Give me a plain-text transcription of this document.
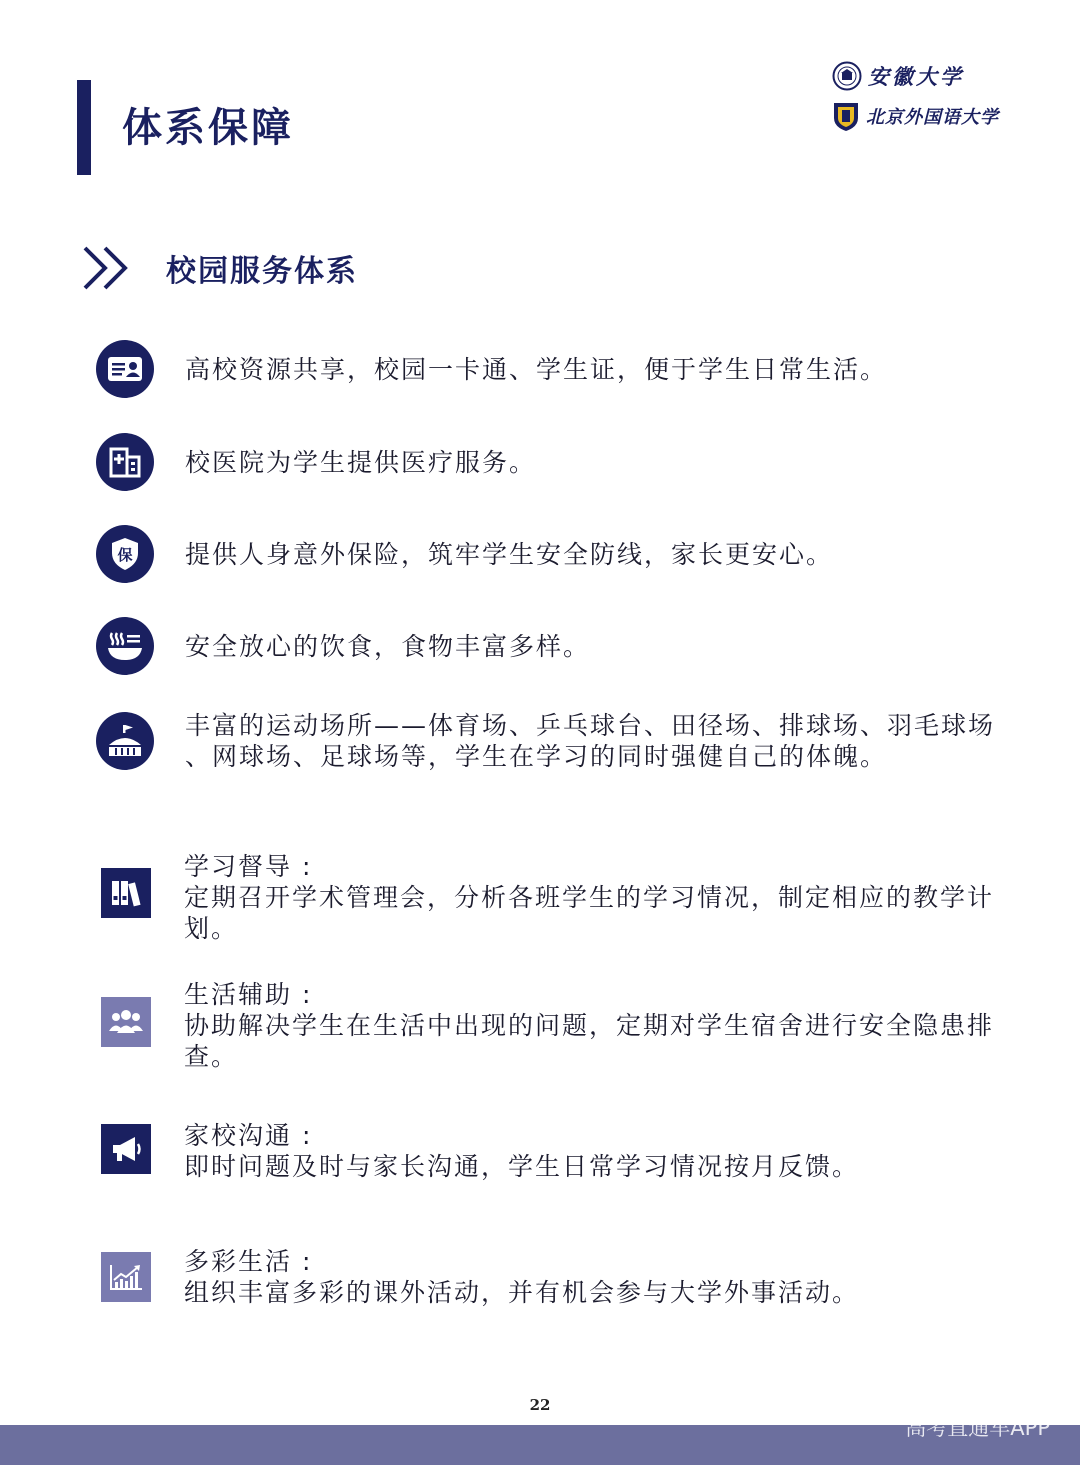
体系保障
安徽大学
北京外国语大学
校园服务体系
高校资源共享，校园一卡通、学生证，便于学生日常生活。
校医院为学生提供医疗服务。
保 提供人身意外保险，筑牢学生安全防线，家长更安心。
安全放心的饮食，食物丰富多样。
丰富的运动场所——体育场、乒乓球台、田径场、排球场、羽毛球场 、网球场、足球场等，学生在学习的同时强健自己的体魄。
学习督导 :
定期召开学术管理会，分析各班学生的学习情况，制定相应的教学计划。
生活辅助 :
协助解决学生在生活中出现的问题，定期对学生宿舍进行安全隐患排查。
家校沟通 :
即时问题及时与家长沟通，学生日常学习情况按月反馈。
多彩生活 :
组织丰富多彩的课外活动，并有机会参与大学外事活动。
22
高考直通车APP
